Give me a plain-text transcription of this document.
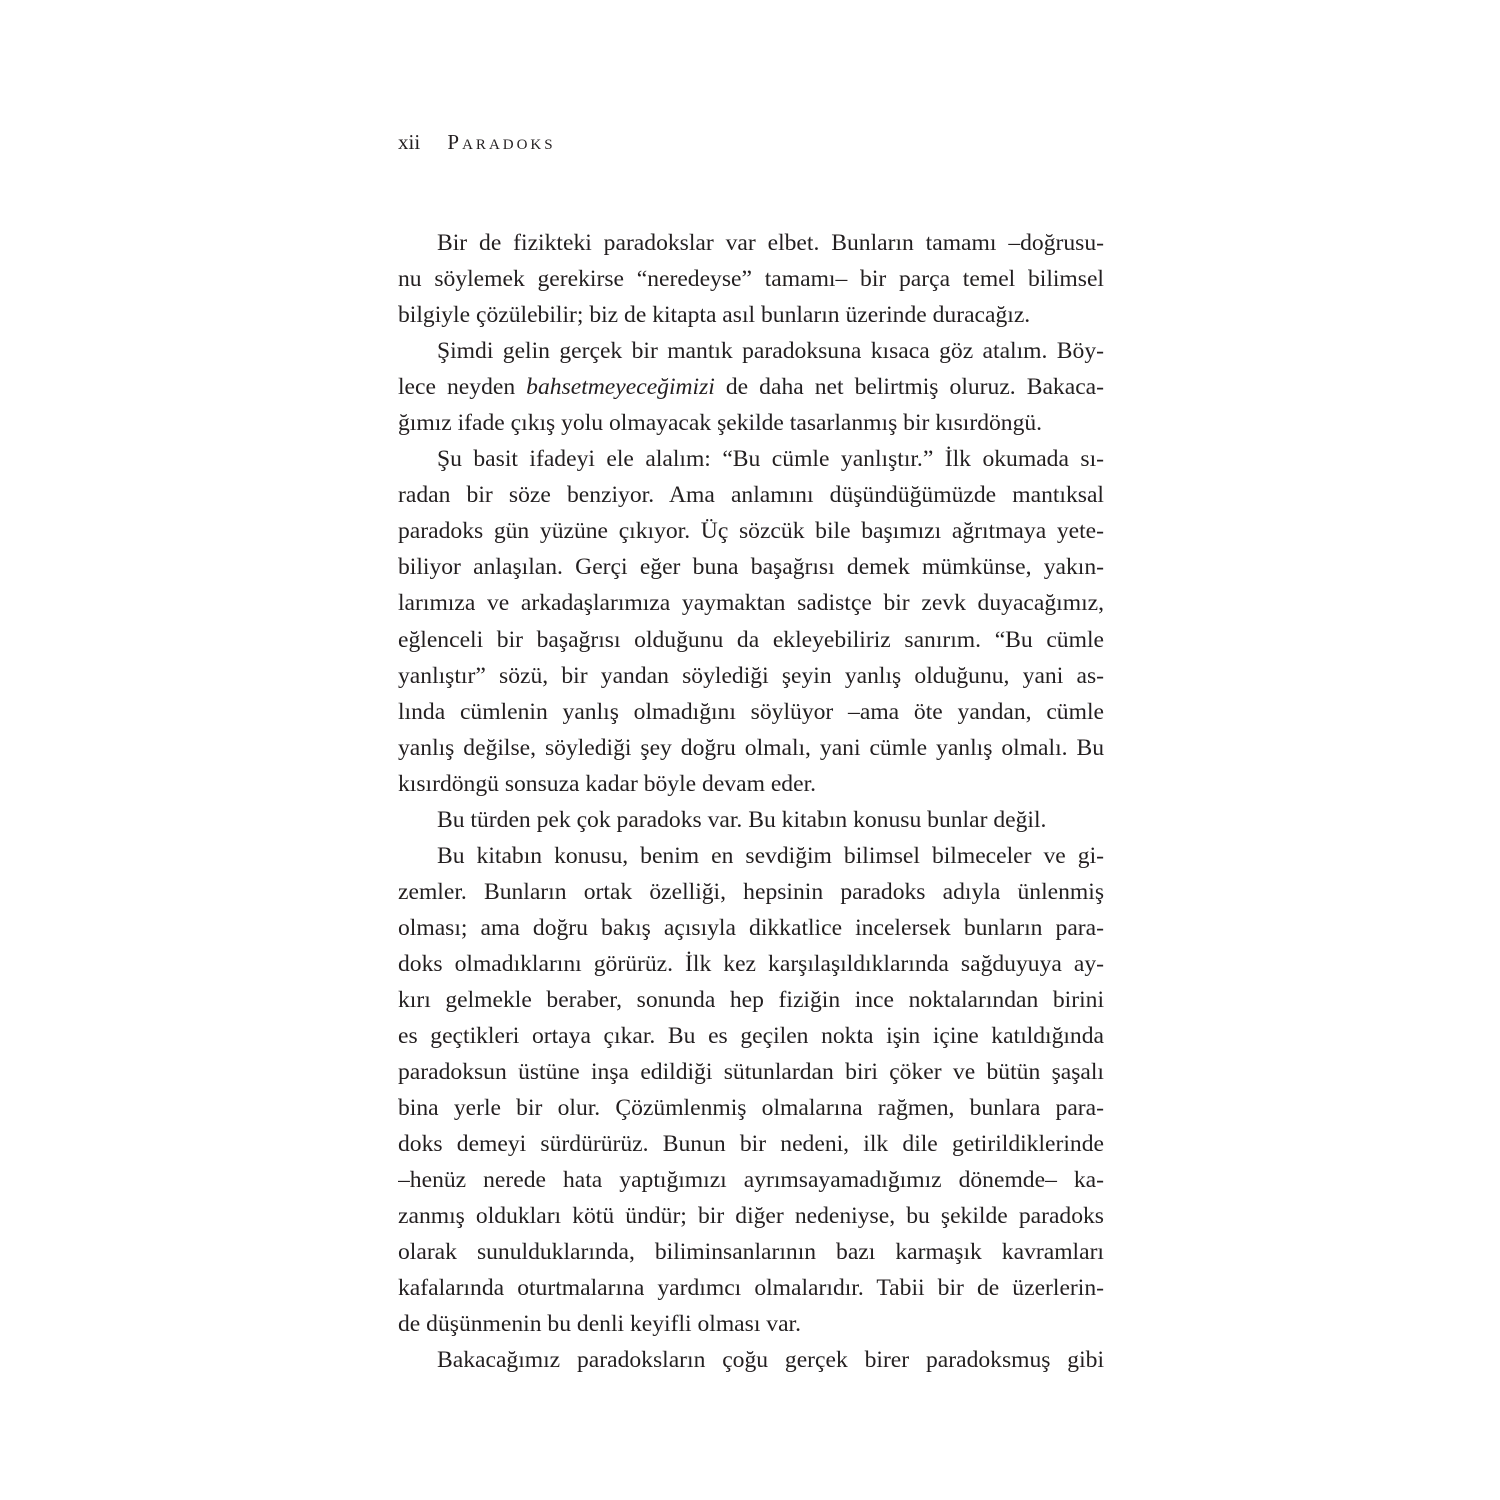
xii Paradoks
Bir de fizikteki paradokslar var elbet. Bunların tamamı –doğrusu-
nu söylemek gerekirse “neredeyse” tamamı– bir parça temel bilimsel
bilgiyle çözülebilir; biz de kitapta asıl bunların üzerinde duracağız.
Şimdi gelin gerçek bir mantık paradoksuna kısaca göz atalım. Böy-
lece neyden bahsetmeyeceğimizi de daha net belirtmiş oluruz. Bakaca-
ğımız ifade çıkış yolu olmayacak şekilde tasarlanmış bir kısırdöngü.
Şu basit ifadeyi ele alalım: “Bu cümle yanlıştır.” İlk okumada sı-
radan bir söze benziyor. Ama anlamını düşündüğümüzde mantıksal
paradoks gün yüzüne çıkıyor. Üç sözcük bile başımızı ağrıtmaya yete-
biliyor anlaşılan. Gerçi eğer buna başağrısı demek mümkünse, yakın-
larımıza ve arkadaşlarımıza yaymaktan sadistçe bir zevk duyacağımız,
eğlenceli bir başağrısı olduğunu da ekleyebiliriz sanırım. “Bu cümle
yanlıştır” sözü, bir yandan söylediği şeyin yanlış olduğunu, yani as-
lında cümlenin yanlış olmadığını söylüyor –ama öte yandan, cümle
yanlış değilse, söylediği şey doğru olmalı, yani cümle yanlış olmalı. Bu
kısırdöngü sonsuza kadar böyle devam eder.
Bu türden pek çok paradoks var. Bu kitabın konusu bunlar değil.
Bu kitabın konusu, benim en sevdiğim bilimsel bilmeceler ve gi-
zemler. Bunların ortak özelliği, hepsinin paradoks adıyla ünlenmiş
olması; ama doğru bakış açısıyla dikkatlice incelersek bunların para-
doks olmadıklarını görürüz. İlk kez karşılaşıldıklarında sağduyuya ay-
kırı gelmekle beraber, sonunda hep fiziğin ince noktalarından birini
es geçtikleri ortaya çıkar. Bu es geçilen nokta işin içine katıldığında
paradoksun üstüne inşa edildiği sütunlardan biri çöker ve bütün şaşalı
bina yerle bir olur. Çözümlenmiş olmalarına rağmen, bunlara para-
doks demeyi sürdürürüz. Bunun bir nedeni, ilk dile getirildiklerinde
–henüz nerede hata yaptığımızı ayrımsayamadığımız dönemde– ka-
zanmış oldukları kötü ündür; bir diğer nedeniyse, bu şekilde paradoks
olarak sunulduklarında, biliminsanlarının bazı karmaşık kavramları
kafalarında oturtmalarına yardımcı olmalarıdır. Tabii bir de üzerlerin-
de düşünmenin bu denli keyifli olması var.
Bakacağımız paradoksların çoğu gerçek birer paradoksmuş gibi
